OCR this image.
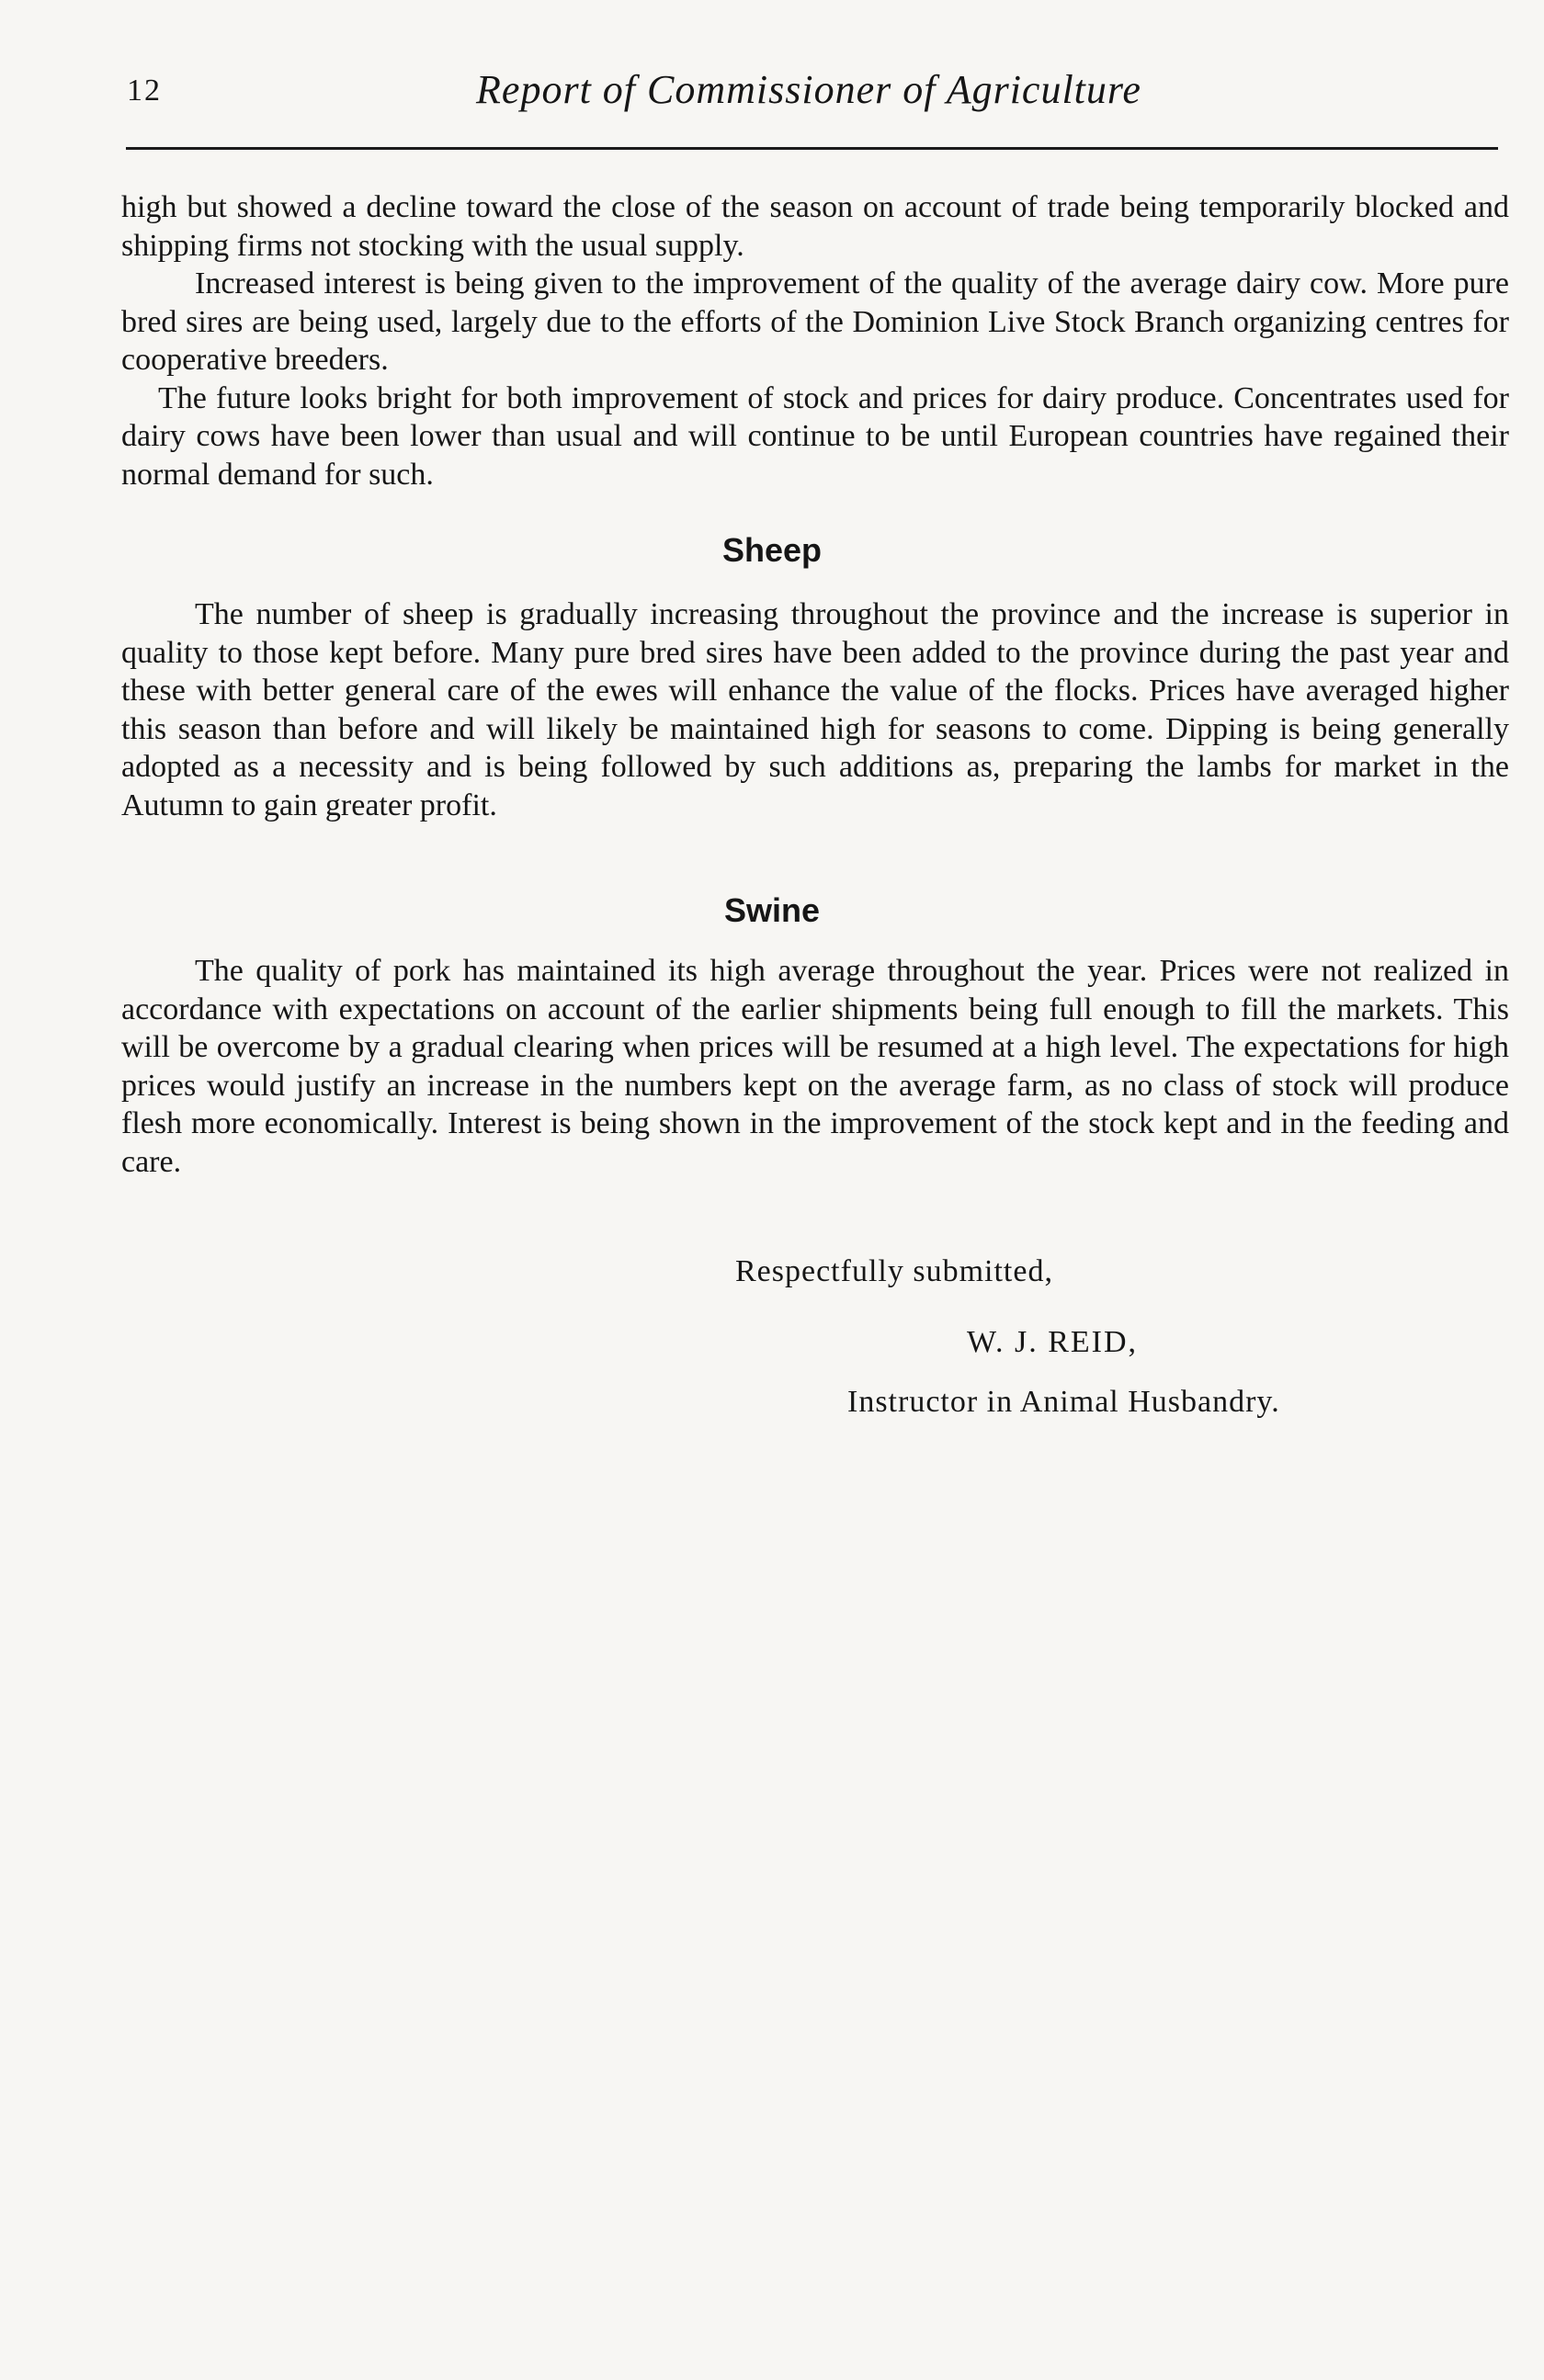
12	Report of Commissioner of Agriculture

high but showed a decline toward the close of the season on account of trade being temporarily blocked and shipping firms not stocking with the usual supply.

Increased interest is being given to the improvement of the quality of the average dairy cow. More pure bred sires are being used, largely due to the efforts of the Dominion Live Stock Branch organizing centres for cooperative breeders.

The future looks bright for both improvement of stock and prices for dairy produce. Concentrates used for dairy cows have been lower than usual and will continue to be until European countries have regained their normal demand for such.

Sheep

The number of sheep is gradually increasing throughout the province and the increase is superior in quality to those kept before. Many pure bred sires have been added to the province during the past year and these with better general care of the ewes will enhance the value of the flocks. Prices have averaged higher this season than before and will likely be maintained high for seasons to come. Dipping is being generally adopted as a necessity and is being followed by such additions as, preparing the lambs for market in the Autumn to gain greater profit.

Swine

The quality of pork has maintained its high average throughout the year. Prices were not realized in accordance with expectations on account of the earlier shipments being full enough to fill the markets. This will be overcome by a gradual clearing when prices will be resumed at a high level. The expectations for high prices would justify an increase in the numbers kept on the average farm, as no class of stock will produce flesh more economically. Interest is being shown in the improvement of the stock kept and in the feeding and care.

Respectfully submitted,
W. J. REID,
Instructor in Animal Husbandry.
